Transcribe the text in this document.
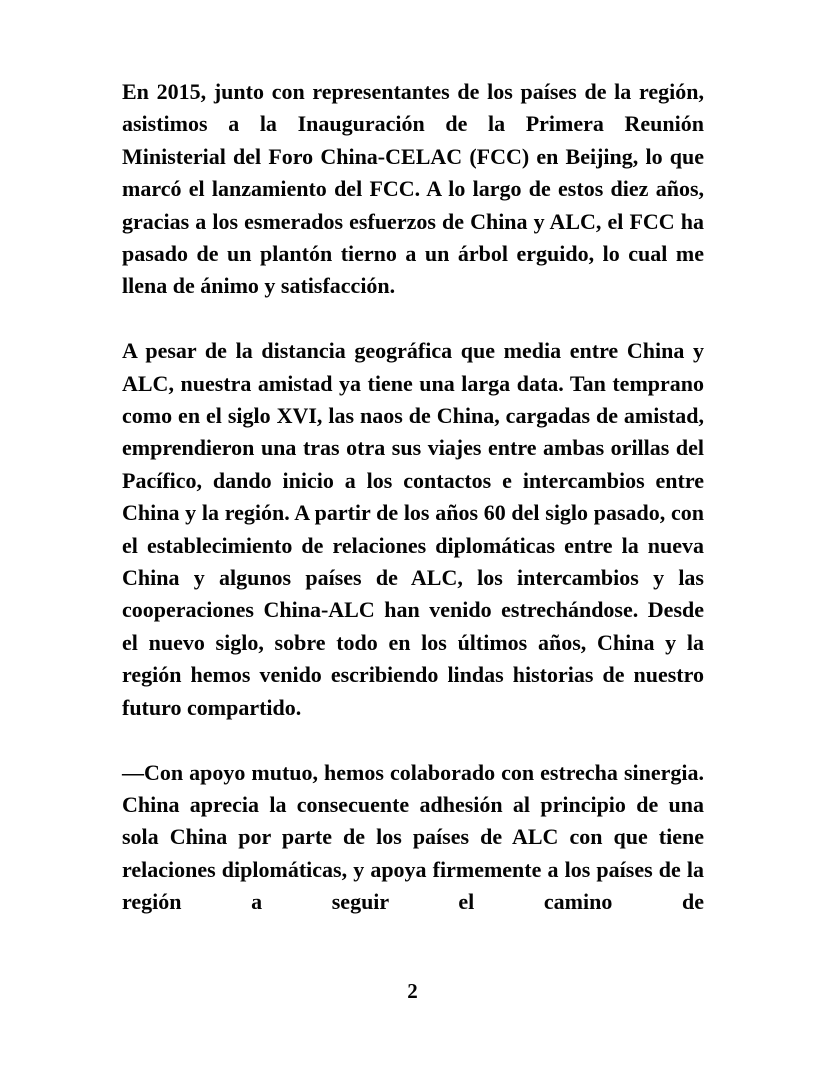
En 2015, junto con representantes de los países de la región, asistimos a la Inauguración de la Primera Reunión Ministerial del Foro China-CELAC (FCC) en Beijing, lo que marcó el lanzamiento del FCC. A lo largo de estos diez años, gracias a los esmerados esfuerzos de China y ALC, el FCC ha pasado de un plantón tierno a un árbol erguido, lo cual me llena de ánimo y satisfacción.

A pesar de la distancia geográfica que media entre China y ALC, nuestra amistad ya tiene una larga data. Tan temprano como en el siglo XVI, las naos de China, cargadas de amistad, emprendieron una tras otra sus viajes entre ambas orillas del Pacífico, dando inicio a los contactos e intercambios entre China y la región. A partir de los años 60 del siglo pasado, con el establecimiento de relaciones diplomáticas entre la nueva China y algunos países de ALC, los intercambios y las cooperaciones China-ALC han venido estrechándose. Desde el nuevo siglo, sobre todo en los últimos años, China y la región hemos venido escribiendo lindas historias de nuestro futuro compartido.

—Con apoyo mutuo, hemos colaborado con estrecha sinergia. China aprecia la consecuente adhesión al principio de una sola China por parte de los países de ALC con que tiene relaciones diplomáticas, y apoya firmemente a los países de la región a seguir el camino de

2
